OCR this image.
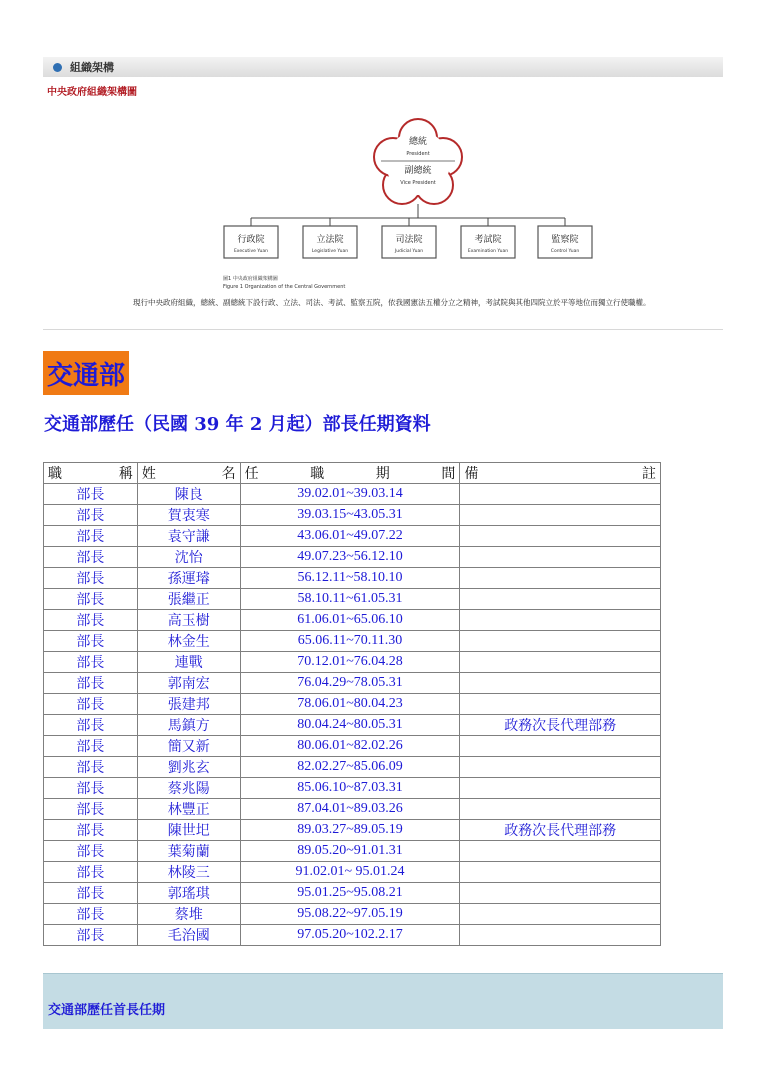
組織架構
中央政府組織架構圖
總統
President
副總統
Vice President
行政院
Executive Yuan
立法院
Legislative Yuan
司法院
Judicial Yuan
考試院
Examination Yuan
監察院
Control Yuan
圖1 中央政府組織架構圖
Figure 1 Organization of the Central Government
現行中央政府組織，總統、副總統下設行政、立法、司法、考試、監察五院，依我國憲法五權分立之精神，考試院與其他四院立於平等地位而獨立行使職權。
交通部
交通部歷任（民國 39 年 2 月起）部長任期資料
職 稱	姓 名	任 職 期 間	備 註

部長	陳良	39.02.01~39.03.14	
部長	賀衷寒	39.03.15~43.05.31	
部長	袁守謙	43.06.01~49.07.22	
部長	沈怡	49.07.23~56.12.10	
部長	孫運璿	56.12.11~58.10.10	
部長	張繼正	58.10.11~61.05.31	
部長	高玉樹	61.06.01~65.06.10	
部長	林金生	65.06.11~70.11.30	
部長	連戰	70.12.01~76.04.28	
部長	郭南宏	76.04.29~78.05.31	
部長	張建邦	78.06.01~80.04.23	
部長	馬鎮方	80.04.24~80.05.31	政務次長代理部務
部長	簡又新	80.06.01~82.02.26	
部長	劉兆玄	82.02.27~85.06.09	
部長	蔡兆陽	85.06.10~87.03.31	
部長	林豐正	87.04.01~89.03.26	
部長	陳世圯	89.03.27~89.05.19	政務次長代理部務
部長	葉菊蘭	89.05.20~91.01.31	
部長	林陵三	91.02.01~ 95.01.24	
部長	郭瑤琪	95.01.25~95.08.21	
部長	蔡堆	95.08.22~97.05.19	
部長	毛治國	97.05.20~102.2.17	
交通部歷任首長任期
